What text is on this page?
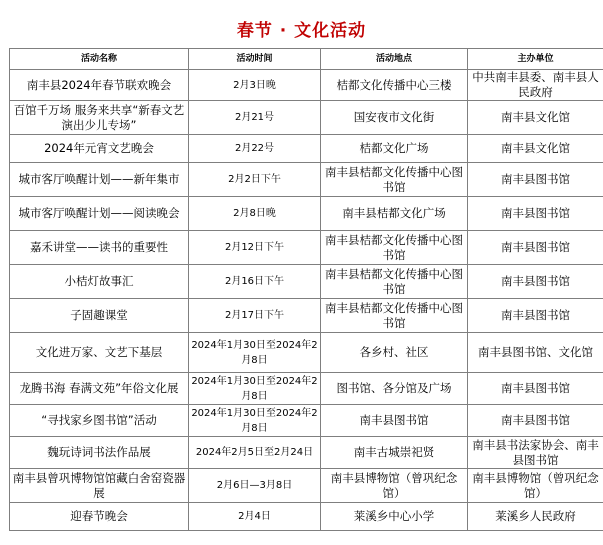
春节 · 文化活动
活动名称	活动时间	活动地点	主办单位
南丰县2024年春节联欢晚会	2月3日晚	桔都文化传播中心三楼	中共南丰县委、南丰县人民政府
百馆千万场 服务来共享“新春文艺演出少儿专场”	2月21号	国安夜市文化街	南丰县文化馆
2024年元宵文艺晚会	2月22号	桔都文化广场	南丰县文化馆
城市客厅唤醒计划——新年集市	2月2日下午	南丰县桔都文化传播中心图书馆	南丰县图书馆
城市客厅唤醒计划——阅读晚会	2月8日晚	南丰县桔都文化广场	南丰县图书馆
嘉禾讲堂——读书的重要性	2月12日下午	南丰县桔都文化传播中心图书馆	南丰县图书馆
小桔灯故事汇	2月16日下午	南丰县桔都文化传播中心图书馆	南丰县图书馆
子固趣课堂	2月17日下午	南丰县桔都文化传播中心图书馆	南丰县图书馆
文化进万家、文艺下基层	2024年1月30日至2024年2月8日	各乡村、社区	南丰县图书馆、文化馆
龙腾书海 春满文苑”年俗文化展	2024年1月30日至2024年2月8日	图书馆、各分馆及广场	南丰县图书馆
“寻找家乡图书馆”活动	2024年1月30日至2024年2月8日	南丰县图书馆	南丰县图书馆
魏玩诗词书法作品展	2024年2月5日至2月24日	南丰古城崇祀贤	南丰县书法家协会、南丰县图书馆
南丰县曾巩博物馆馆藏白舍窑瓷器展	2月6日—3月8日	南丰县博物馆（曾巩纪念馆）	南丰县博物馆（曾巩纪念馆）
迎春节晚会	2月4日	莱溪乡中心小学	莱溪乡人民政府
